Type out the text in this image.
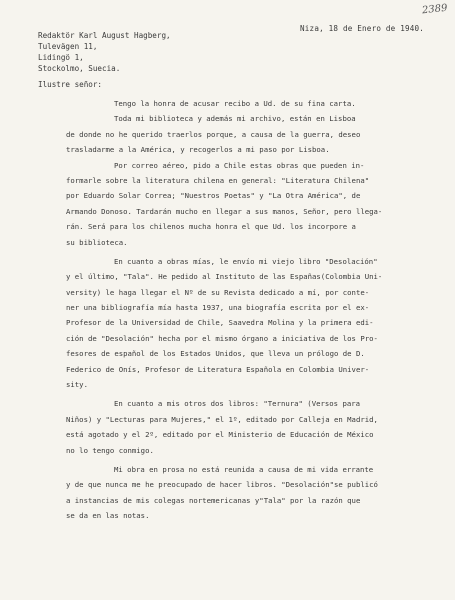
2389
Niza, 18 de Enero de 1940.
Redaktör Karl August Hagberg,
Tulevägen 11,
Lidingö 1,
Stockolmo, Suecia.
Ilustre señor:
Tengo la honra de acusar recibo a Ud. de su fina carta.
Toda mi biblioteca y además mi archivo, están en Lisboa
de donde no he querido traerlos porque, a causa de la guerra, deseo
trasladarme a la América, y recogerlos a mi paso por Lisboa.
Por correo aéreo, pido a Chile estas obras que pueden in-
formarle sobre la literatura chilena en general: "Literatura Chilena"
por Eduardo Solar Correa; "Nuestros Poetas" y "La Otra América", de
Armando Donoso. Tardarán mucho en llegar a sus manos, Señor, pero llega-
rán. Será para los chilenos mucha honra el que Ud. los incorpore a
su biblioteca.
En cuanto a obras mías, le envío mi viejo libro "Desolación"
y el último, "Tala". He pedido al Instituto de las Españas(Colombia Uni-
versity) le haga llegar el Nº de su Revista dedicado a mí, por conte-
ner una bibliografía mía hasta 1937, una biografía escrita por el ex-
Profesor de la Universidad de Chile, Saavedra Molina y la primera edi-
ción de "Desolación" hecha por el mismo órgano a iniciativa de los Pro-
fesores de español de los Estados Unidos, que lleva un prólogo de D.
Federico de Onís, Profesor de Literatura Española en Colombia Univer-
sity.
En cuanto a mis otros dos libros: "Ternura" (Versos para
Niños) y "Lecturas para Mujeres," el 1º, editado por Calleja en Madrid,
está agotado y el 2º, editado por el Ministerio de Educación de México
no lo tengo conmigo.
Mi obra en prosa no está reunida a causa de mi vida errante
y de que nunca me he preocupado de hacer libros. "Desolación"se publicó
a instancias de mis colegas nortemericanas y"Tala" por la razón que
se da en las notas.
